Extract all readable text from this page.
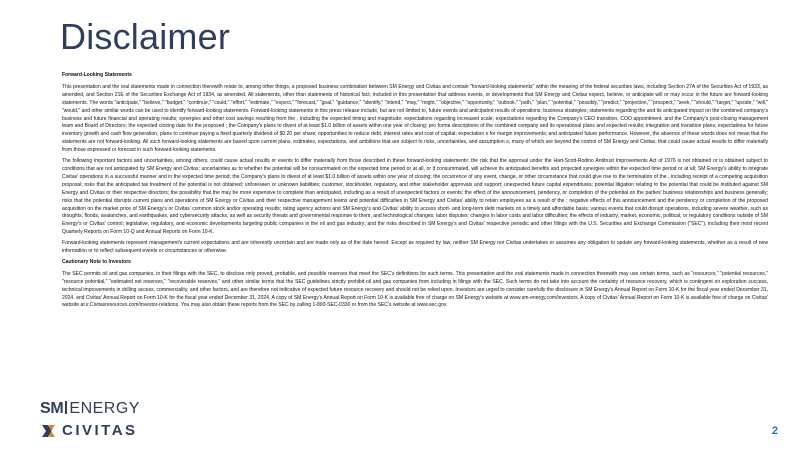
Disclaimer

Forward-Looking Statements

This presentation and the oral statements made in connection therewith relate to, among other things, a proposed business combination between SM Energy and Civitas and contain "forward-looking statements" within the meaning of the federal securities laws, including Section 27A of the Securities Act of 1933, as amended, and Section 21E of the Securities Exchange Act of 1934, as amended. All statements, other than statements of historical fact, included in this presentation that address events, or developments that SM Energy and Civitas expect, believe, or anticipate will or may occur in the future are forward-looking statements. The words "anticipate," "believe," "budget," "continue," "could," "effort," "estimate," "expect," "forecast," "goal," "guidance," "identify," "intend," "may," "might," "objective," "opportunity," "outlook," "path," "plan," "potential," "possibly," "predict," "projection," "prospect," "seek," "should," "target," "upside," "will," "would," and other similar words can be used to identify forward-looking statements. Forward-looking statements in this press release include, but are not limited to, future events and anticipated results of operations; business strategies; statements regarding the and its anticipated impact on the combined company's business and future financial and operating results; synergies and other cost savings resulting from the , including the expected timing and magnitude; expectations regarding increased scale; expectations regarding the Company's CEO transition, COO appointment, and the Company's post-closing management team and Board of Directors; the expected closing date for the proposed ; the Company's plans to divest of at least $1.0 billion of assets within one year of closing; pro forma descriptions of the combined company and its operational plans and expected results; integration and transition plans; expectations for future inventory growth and cash flow generation, plans to continue paying a fixed quarterly dividend of $0.20 per share; opportunities to reduce debt, interest rates and cost of capital; expectation s for margin improvements; and anticipated future performance. However, the absence of these words does not mean that the statements are not forward-looking. All such forward-looking statements are based upon current plans, estimates, expectations, and ambitions that are subject to risks, uncertainties, and assumption s, many of which are beyond the control of SM Energy and Civitas, that could cause actual results to differ materially from those expressed or forecast in such forward-looking statements.

The following important factors and uncertainties, among others, could cause actual results or events to differ materially from those described in these forward-looking statements: the risk that the approval under the Hart-Scott-Rodino Antitrust Improvements Act of 1976 is not obtained or is obtained subject to conditions that are not anticipated by SM Energy and Civitas; uncertainties as to whether the potential will be consummated on the expected time period or at all, or if consummated, will achieve its anticipated benefits and projected synergies within the expected time period or at all; SM Energy's ability to integrate Civitas' operations in a successful manner and in the expected time period; the Company's plans to divest of at least $1.0 billion of assets within one year of closing; the occurrence of any event, change, or other circumstance that could give rise to the termination of the , including receipt of a competing acquisition proposal; risks that the anticipated tax treatment of the potential is not obtained; unforeseen or unknown liabilities; customer, stockholder, regulatory, and other stakeholder approvals and support; unexpected future capital expenditures; potential litigation relating to the potential that could be instituted against SM Energy and Civitas or their respective directors; the possibility that the may be more expensive to complete than anticipated, including as a result of unexpected factors or events; the effect of the announcement, pendency, or completion of the potential on the parties' business relationships and business generally; risks that the potential disrupts current plans and operations of SM Energy or Civitas and their respective management teams and potential difficulties in SM Energy and Civitas' ability to retain employees as a result of the ; negative effects of this announcement and the pendency or completion of the proposed acquisition on the market price of SM Energy's or Civitas' common stock and/or operating results; rating agency actions and SM Energy's and Civitas' ability to access short- and long-term debt markets on a timely and affordable basis; various events that could disrupt operations, including severe weather, such as droughts, floods, avalanches, and earthquakes, and cybersecurity attacks, as well as security threats and governmental response to them, and technological changes; labor disputes; changes in labor costs and labor difficulties; the effects of industry, market, economic, political, or regulatory conditions outside of SM Energy's or Civitas' control; legislative, regulatory, and economic developments targeting public companies in the oil and gas industry; and the risks described in SM Energy's and Civitas' respective periodic and other filings with the U.S. Securities and Exchange Commission ("SEC"), including their most recent Quarterly Reports on Form 10-Q and Annual Reports on Form 10-K.

Forward-looking statements represent management's current expectations and are inherently uncertain and are made only as of the date hereof. Except as required by law, neither SM Energy nor Civitas undertakes or assumes any obligation to update any forward-looking statements, whether as a result of new information or to reflect subsequent events or circumstances or otherwise.

Cautionary Note to Investors

The SEC permits oil and gas companies, in their filings with the SEC, to disclose only proved, probable, and possible reserves that meet the SEC's definitions for such terms. This presentation and the oral statements made in connection therewith may use certain terms, such as "resources," "potential resources," "resource potential," "estimated net reserves," "recoverable reserves," and other similar terms that the SEC guidelines strictly prohibit oil and gas companies from including in filings with the SEC. Such terms do not take into account the certainty of resource recovery, which is contingent on exploration success, technical improvements in drilling access, commerciality, and other factors, and are therefore not indicative of expected future resource recovery and should not be relied upon. Investors are urged to consider carefully the disclosure in SM Energy's Annual Report on Form 10-K for the fiscal year ended December 31, 2024, and Civitas' Annual Report on Form 10-K for the fiscal year ended December 31, 2024. A copy of SM Energy's Annual Report on Form 10-K is available free of charge on SM Energy's website at www.sm-energy.com/investors. A copy of Civitas' Annual Report on Form 10-K is available free of charge on Civitas' website at ir.Civitasresources.com/investor-relations. You may also obtain these reports from the SEC by calling 1-800-SEC-0330 or from the SEC's website at www.sec.gov.

SM ENERGY
CIVITAS	2
